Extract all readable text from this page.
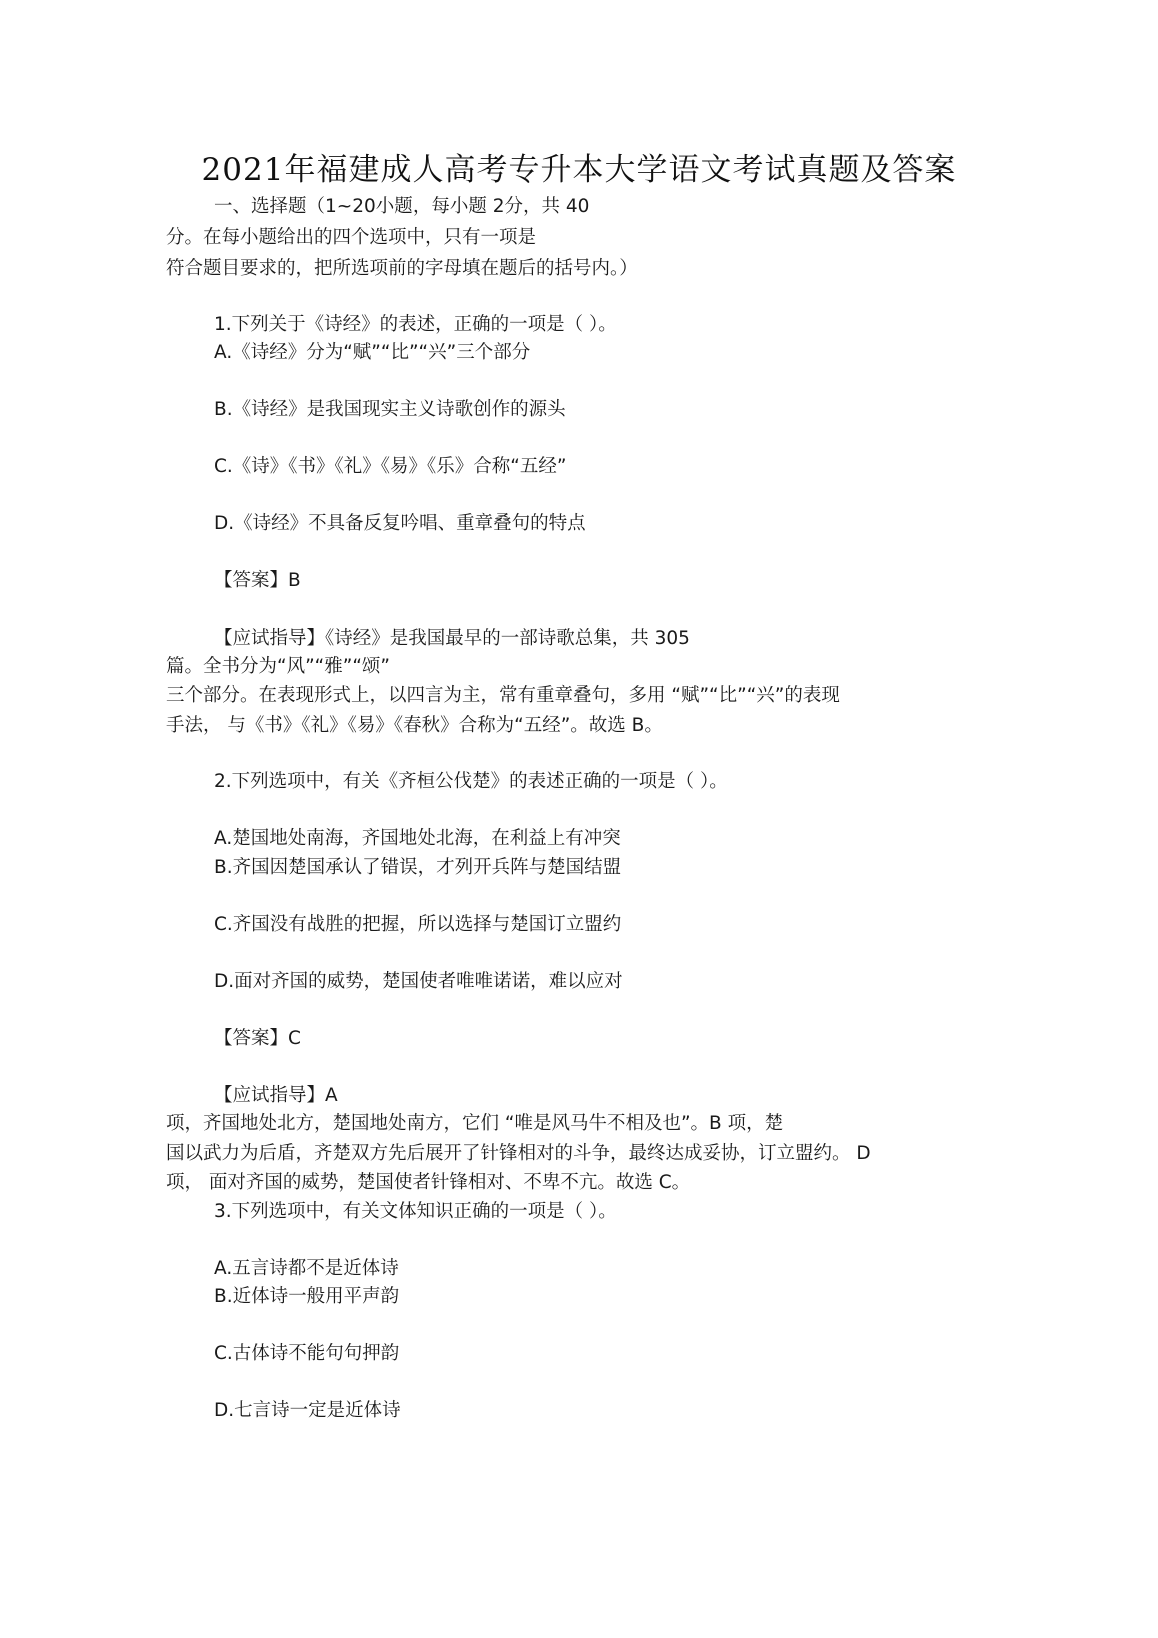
2021年福建成人高考专升本大学语文考试真题及答案
一、选择题（1~20小题，每小题 2分，共 40
分。在每小题给出的四个选项中，只有一项是
符合题目要求的，把所选项前的字母填在题后的括号内。）
1.下列关于《诗经》的表述，正确的一项是（ ）。
A.《诗经》分为“赋”“比”“兴”三个部分
B.《诗经》是我国现实主义诗歌创作的源头
C.《诗》《书》《礼》《易》《乐》合称“五经”
D.《诗经》不具备反复吟唱、重章叠句的特点
【答案】B
【应试指导】《诗经》是我国最早的一部诗歌总集，共 305
篇。全书分为“风”“雅”“颂”
三个部分。在表现形式上，以四言为主，常有重章叠句，多用 “赋”“比”“兴”的表现
手法， 与《书》《礼》《易》《春秋》合称为“五经”。故选 B。
2.下列选项中，有关《齐桓公伐楚》的表述正确的一项是（ ）。
A.楚国地处南海，齐国地处北海，在利益上有冲突
B.齐国因楚国承认了错误，才列开兵阵与楚国结盟
C.齐国没有战胜的把握，所以选择与楚国订立盟约
D.面对齐国的威势，楚国使者唯唯诺诺，难以应对
【答案】C
【应试指导】A
项，齐国地处北方，楚国地处南方，它们 “唯是风马牛不相及也”。B 项，楚
国以武力为后盾，齐楚双方先后展开了针锋相对的斗争，最终达成妥协，订立盟约。 D
项， 面对齐国的威势，楚国使者针锋相对、不卑不亢。故选 C。
3.下列选项中，有关文体知识正确的一项是（ ）。
A.五言诗都不是近体诗
B.近体诗一般用平声韵
C.古体诗不能句句押韵
D.七言诗一定是近体诗
